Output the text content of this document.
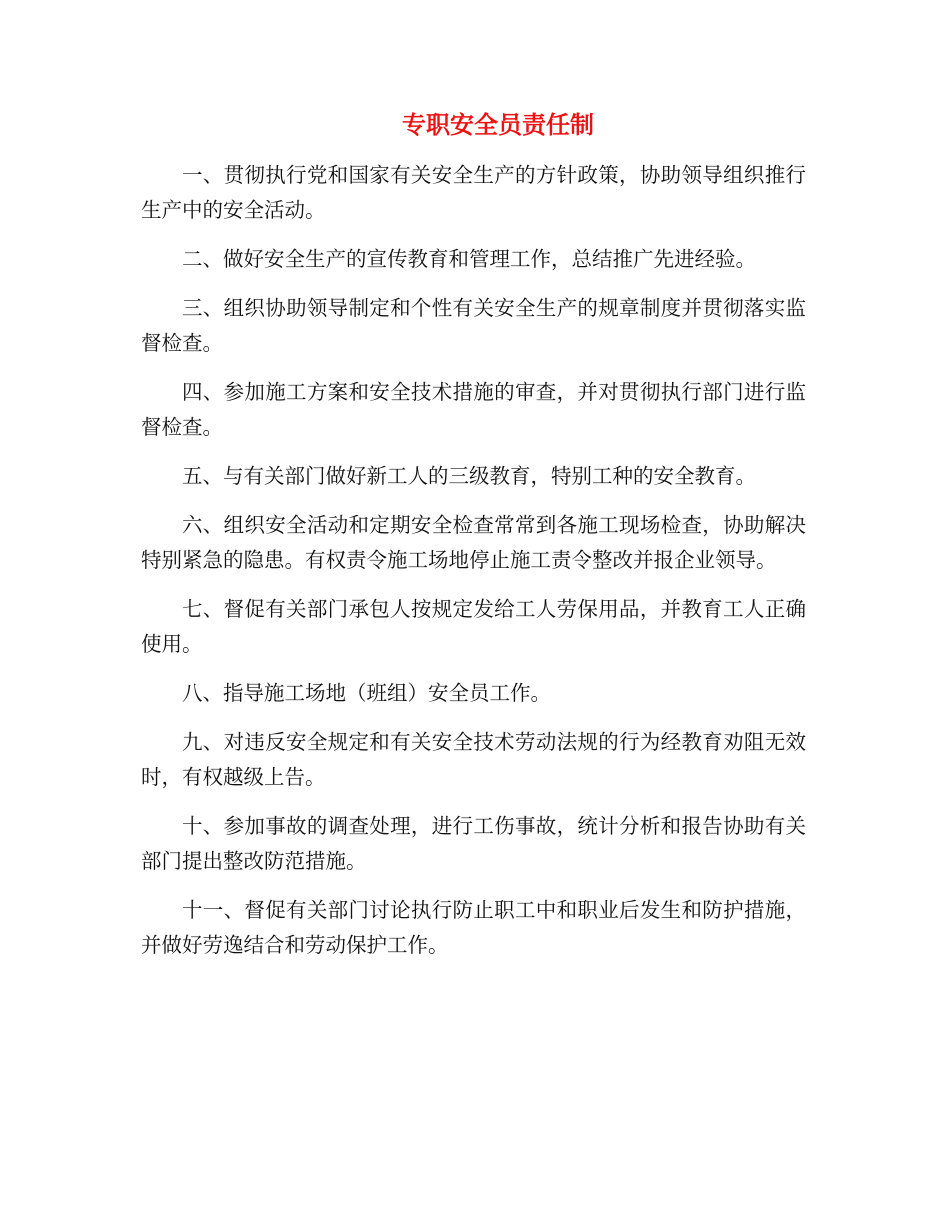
专职安全员责任制

一、贯彻执行党和国家有关安全生产的方针政策，协助领导组织推行生产中的安全活动。

二、做好安全生产的宣传教育和管理工作，总结推广先进经验。

三、组织协助领导制定和个性有关安全生产的规章制度并贯彻落实监督检查。

四、参加施工方案和安全技术措施的审查，并对贯彻执行部门进行监督检查。

五、与有关部门做好新工人的三级教育，特别工种的安全教育。

六、组织安全活动和定期安全检查常常到各施工现场检查，协助解决特别紧急的隐患。有权责令施工场地停止施工责令整改并报企业领导。

七、督促有关部门承包人按规定发给工人劳保用品，并教育工人正确使用。

八、指导施工场地（班组）安全员工作。

九、对违反安全规定和有关安全技术劳动法规的行为经教育劝阻无效时，有权越级上告。

十、参加事故的调查处理，进行工伤事故，统计分析和报告协助有关部门提出整改防范措施。

十一、督促有关部门讨论执行防止职工中和职业后发生和防护措施，并做好劳逸结合和劳动保护工作。
